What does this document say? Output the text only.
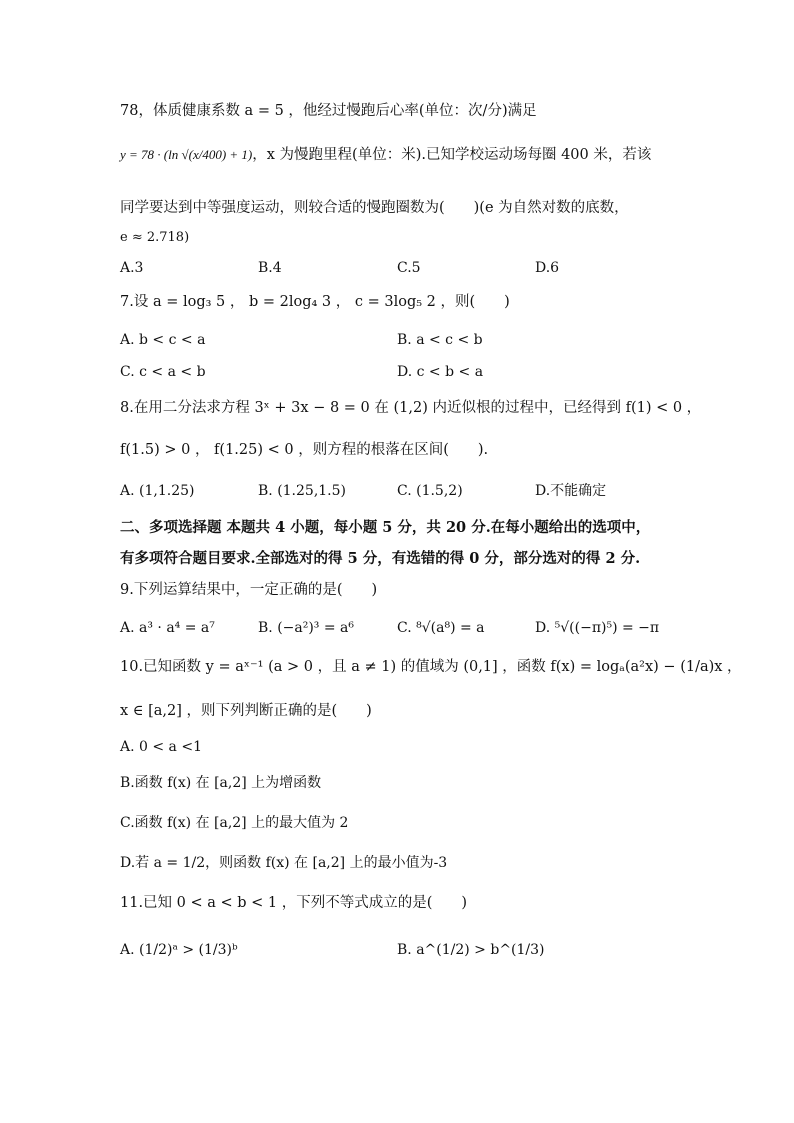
78，体质健康系数 a = 5 ，他经过慢跑后心率(单位：次/分)满足
y = 78 · (ln √(x/400) + 1)，x 为慢跑里程(单位：米).已知学校运动场每圈 400 米，若该
同学要达到中等强度运动，则较合适的慢跑圈数为(　　)(e 为自然对数的底数，
e ≈ 2.718)
A.3	B.4	C.5	D.6
7.设 a = log₃ 5 ， b = 2log₄ 3 ， c = 3log₅ 2 ，则(　　)
A. b < c < a	B. a < c < b
C. c < a < b	D. c < b < a
8.在用二分法求方程 3ˣ + 3x − 8 = 0 在 (1,2) 内近似根的过程中，已经得到 f(1) < 0 ，
f(1.5) > 0 ， f(1.25) < 0 ，则方程的根落在区间(　　).
A. (1,1.25)	B. (1.25,1.5)	C. (1.5,2)	D.不能确定
二、多项选择题 本题共 4 小题，每小题 5 分，共 20 分.在每小题给出的选项中，
有多项符合题目要求.全部选对的得 5 分，有选错的得 0 分，部分选对的得 2 分.
9.下列运算结果中，一定正确的是(　　)
A. a³ · a⁴ = a⁷	B. (−a²)³ = a⁶	C. ⁸√(a⁸) = a	D. ⁵√((−π)⁵) = −π
10.已知函数 y = aˣ⁻¹ (a > 0 ，且 a ≠ 1) 的值域为 (0,1] ，函数 f(x) = logₐ(a²x) − (1/a)x ，
x ∈ [a,2] ，则下列判断正确的是(　　)
A. 0 < a <1
B.函数 f(x) 在 [a,2] 上为增函数
C.函数 f(x) 在 [a,2] 上的最大值为 2
D.若 a = 1/2，则函数 f(x) 在 [a,2] 上的最小值为-3
11.已知 0 < a < b < 1 ，下列不等式成立的是(　　)
A. (1/2)ᵃ > (1/3)ᵇ	B. a^(1/2) > b^(1/3)
